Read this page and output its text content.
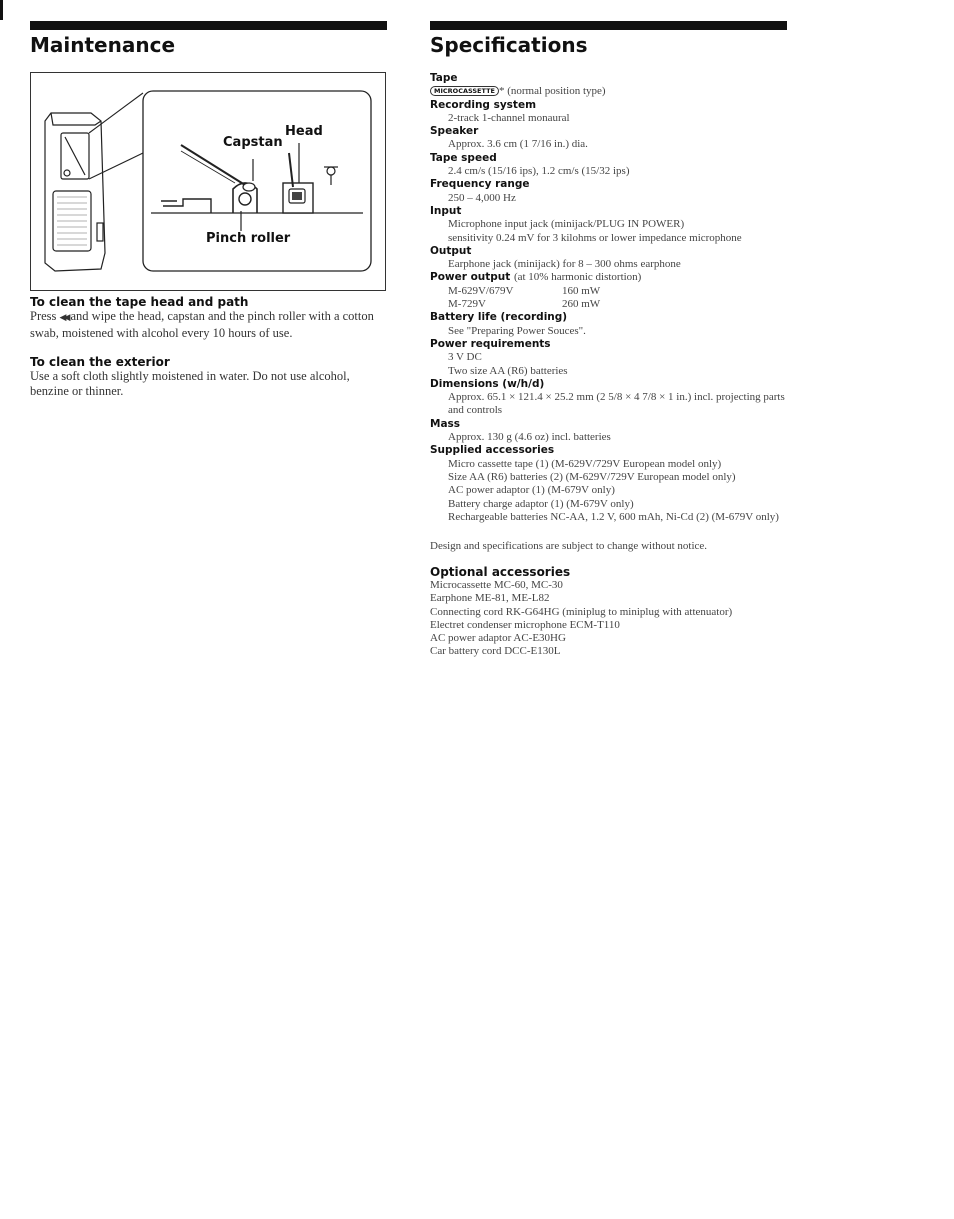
Maintenance
Head
Capstan
Pinch roller
To clean the tape head and path

Press ◀◀ and wipe the head, capstan and the pinch roller with a cotton swab, moistened with alcohol every 10 hours of use.

To clean the exterior

Use a soft cloth slightly moistened in water. Do not use alcohol, benzine or thinner.

Specifications
Tape
MICROCASSETTE * (normal position type)
Recording system
2-track 1-channel monaural
Speaker
Approx. 3.6 cm (1 7/16 in.) dia.
Tape speed
2.4 cm/s (15/16 ips), 1.2 cm/s (15/32 ips)
Frequency range
250 – 4,000 Hz
Input
Microphone input jack (minijack/PLUG IN POWER)
sensitivity 0.24 mV for 3 kilohms or lower impedance microphone
Output
Earphone jack (minijack) for 8 – 300 ohms earphone
Power output (at 10% harmonic distortion)
M-629V/679V	160 mW
M-729V	260 mW
Battery life (recording)
See "Preparing Power Souces".
Power requirements
3 V DC
Two size AA (R6) batteries
Dimensions (w/h/d)
Approx. 65.1 × 121.4 × 25.2 mm (2 5/8 × 4 7/8 × 1 in.) incl. projecting parts and controls
Mass
Approx. 130 g (4.6 oz) incl. batteries
Supplied accessories
Micro cassette tape (1) (M-629V/729V European model only)
Size AA (R6) batteries (2) (M-629V/729V European model only)
AC power adaptor (1) (M-679V only)
Battery charge adaptor (1) (M-679V only)
Rechargeable batteries NC-AA, 1.2 V, 600 mAh, Ni-Cd (2) (M-679V only)

Design and specifications are subject to change without notice.

Optional accessories
Microcassette MC-60, MC-30
Earphone ME-81, ME-L82
Connecting cord RK-G64HG (miniplug to miniplug with attenuator)
Electret condenser microphone ECM-T110
AC power adaptor AC-E30HG
Car battery cord DCC-E130L
